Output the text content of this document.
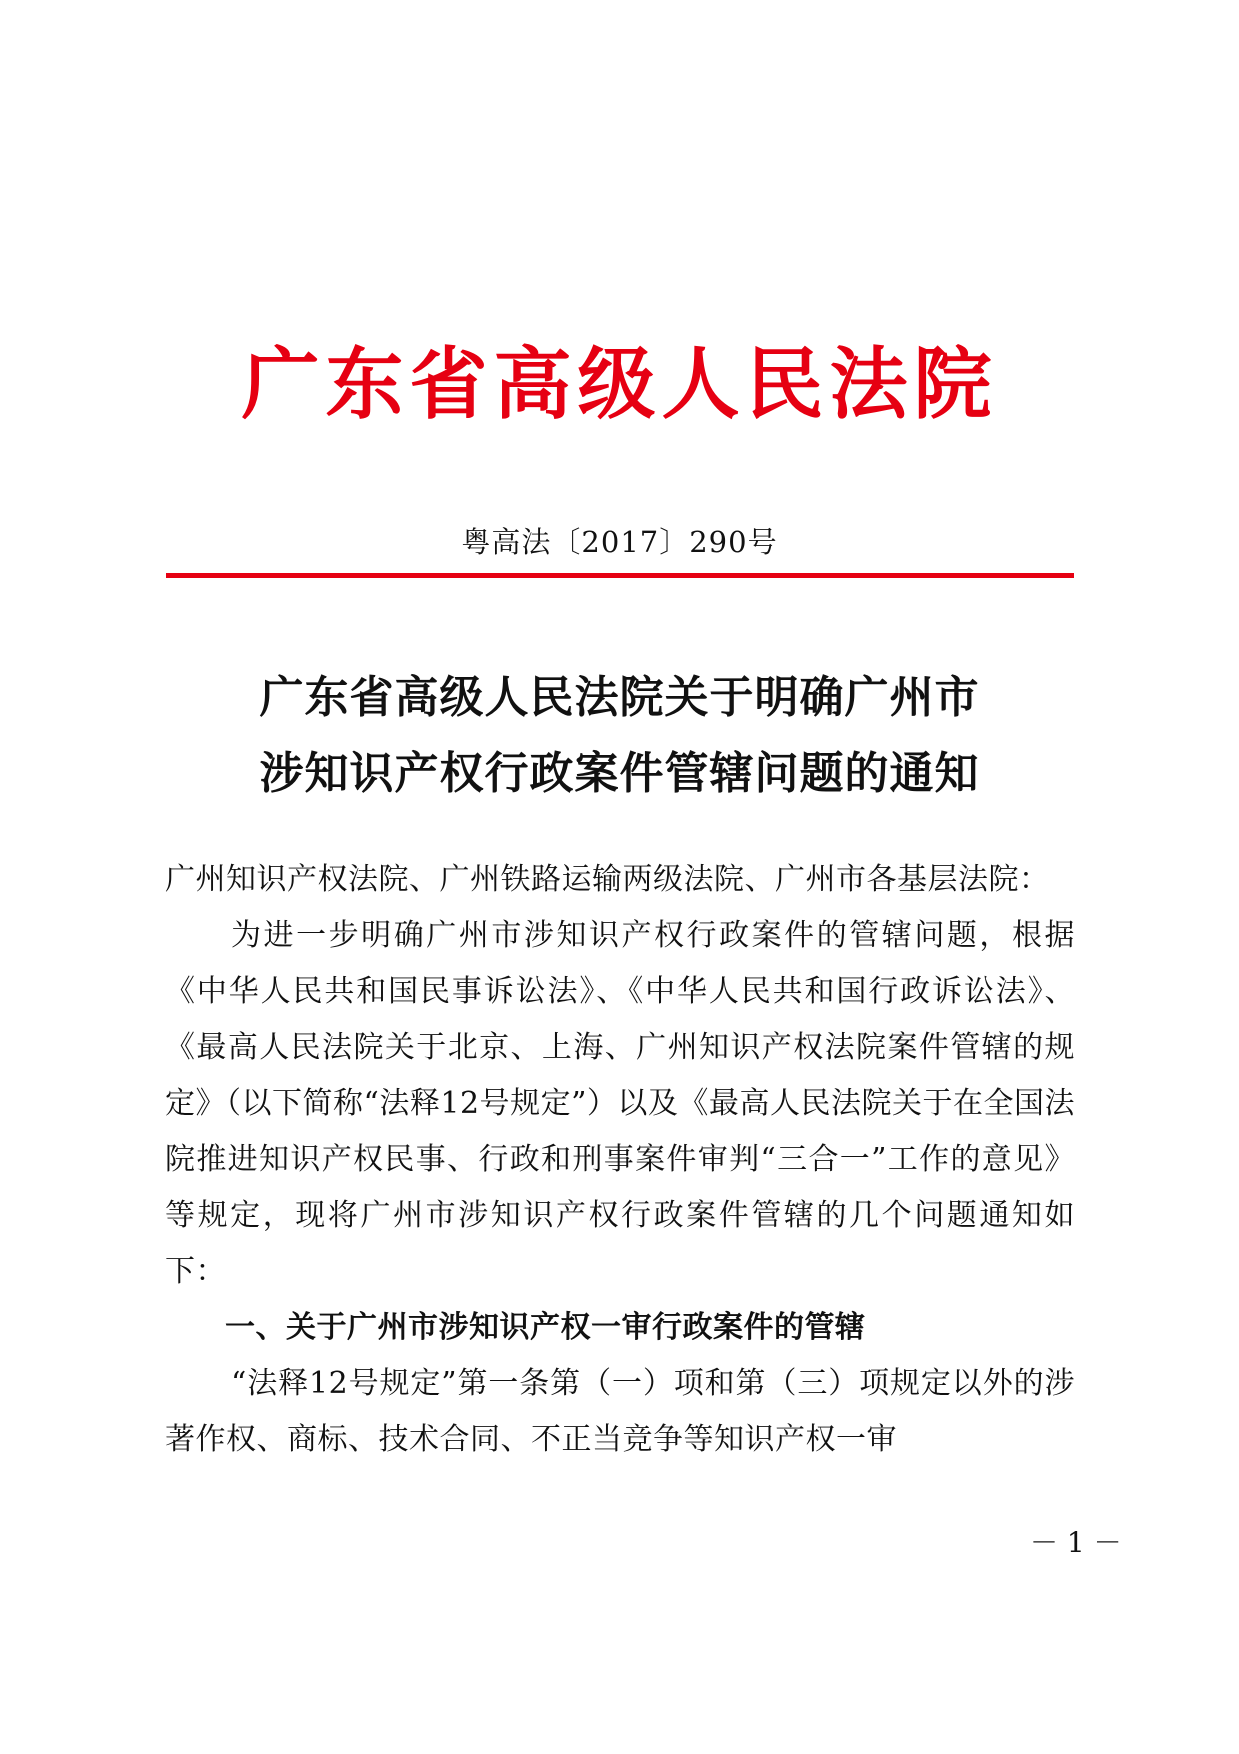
广东省高级人民法院
粤高法〔2017〕290号
广东省高级人民法院关于明确广州市
涉知识产权行政案件管辖问题的通知

广州知识产权法院、广州铁路运输两级法院、广州市各基层法院：

为进一步明确广州市涉知识产权行政案件的管辖问题，根据《中华人民共和国民事诉讼法》、《中华人民共和国行政诉讼法》、《最高人民法院关于北京、上海、广州知识产权法院案件管辖的规定》（以下简称“法释12号规定”）以及《最高人民法院关于在全国法院推进知识产权民事、行政和刑事案件审判“三合一”工作的意见》等规定，现将广州市涉知识产权行政案件管辖的几个问题通知如下：

一、关于广州市涉知识产权一审行政案件的管辖

“法释12号规定”第一条第（一）项和第（三）项规定以外的涉著作权、商标、技术合同、不正当竞争等知识产权一审

－ 1 －
